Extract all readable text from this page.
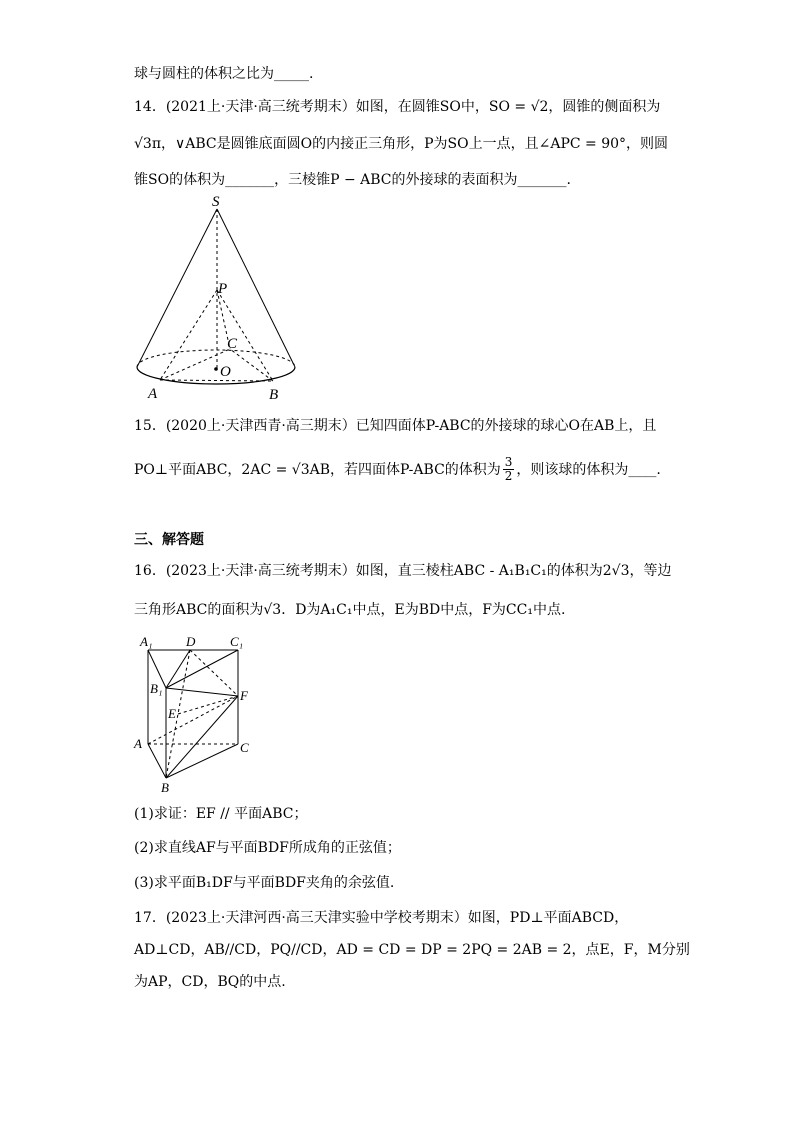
球与圆柱的体积之比为_____.
14．(2021上·天津·高三统考期末）如图，在圆锥SO中，SO = √2，圆锥的侧面积为
√3π，∨ABC是圆锥底面圆O的内接正三角形，P为SO上一点，且∠APC = 90°，则圆
锥SO的体积为_______，三棱锥P − ABC的外接球的表面积为_______.
S
P
C
O
A	B
15．(2020上·天津西青·高三期末）已知四面体P-ABC的外接球的球心O在AB上，且
PO⊥平面ABC，2AC = √3AB，若四面体P-ABC的体积为 $\frac{3}{2}$ ，则该球的体积为____.
三、解答题
16．(2023上·天津·高三统考期末）如图，直三棱柱ABC - A₁B₁C₁的体积为2√3，等边
三角形ABC的面积为√3．D为A₁C₁中点，E为BD中点，F为CC₁中点.
A₁	D	C₁
B₁	F
E
A	C
B
(1)求证：EF // 平面ABC；
(2)求直线AF与平面BDF所成角的正弦值；
(3)求平面B₁DF与平面BDF夹角的余弦值.
17．(2023上·天津河西·高三天津实验中学校考期末）如图，PD⊥平面ABCD，
AD⊥CD，AB//CD，PQ//CD，AD = CD = DP = 2PQ = 2AB = 2，点E，F，M分别
为AP，CD，BQ的中点.
